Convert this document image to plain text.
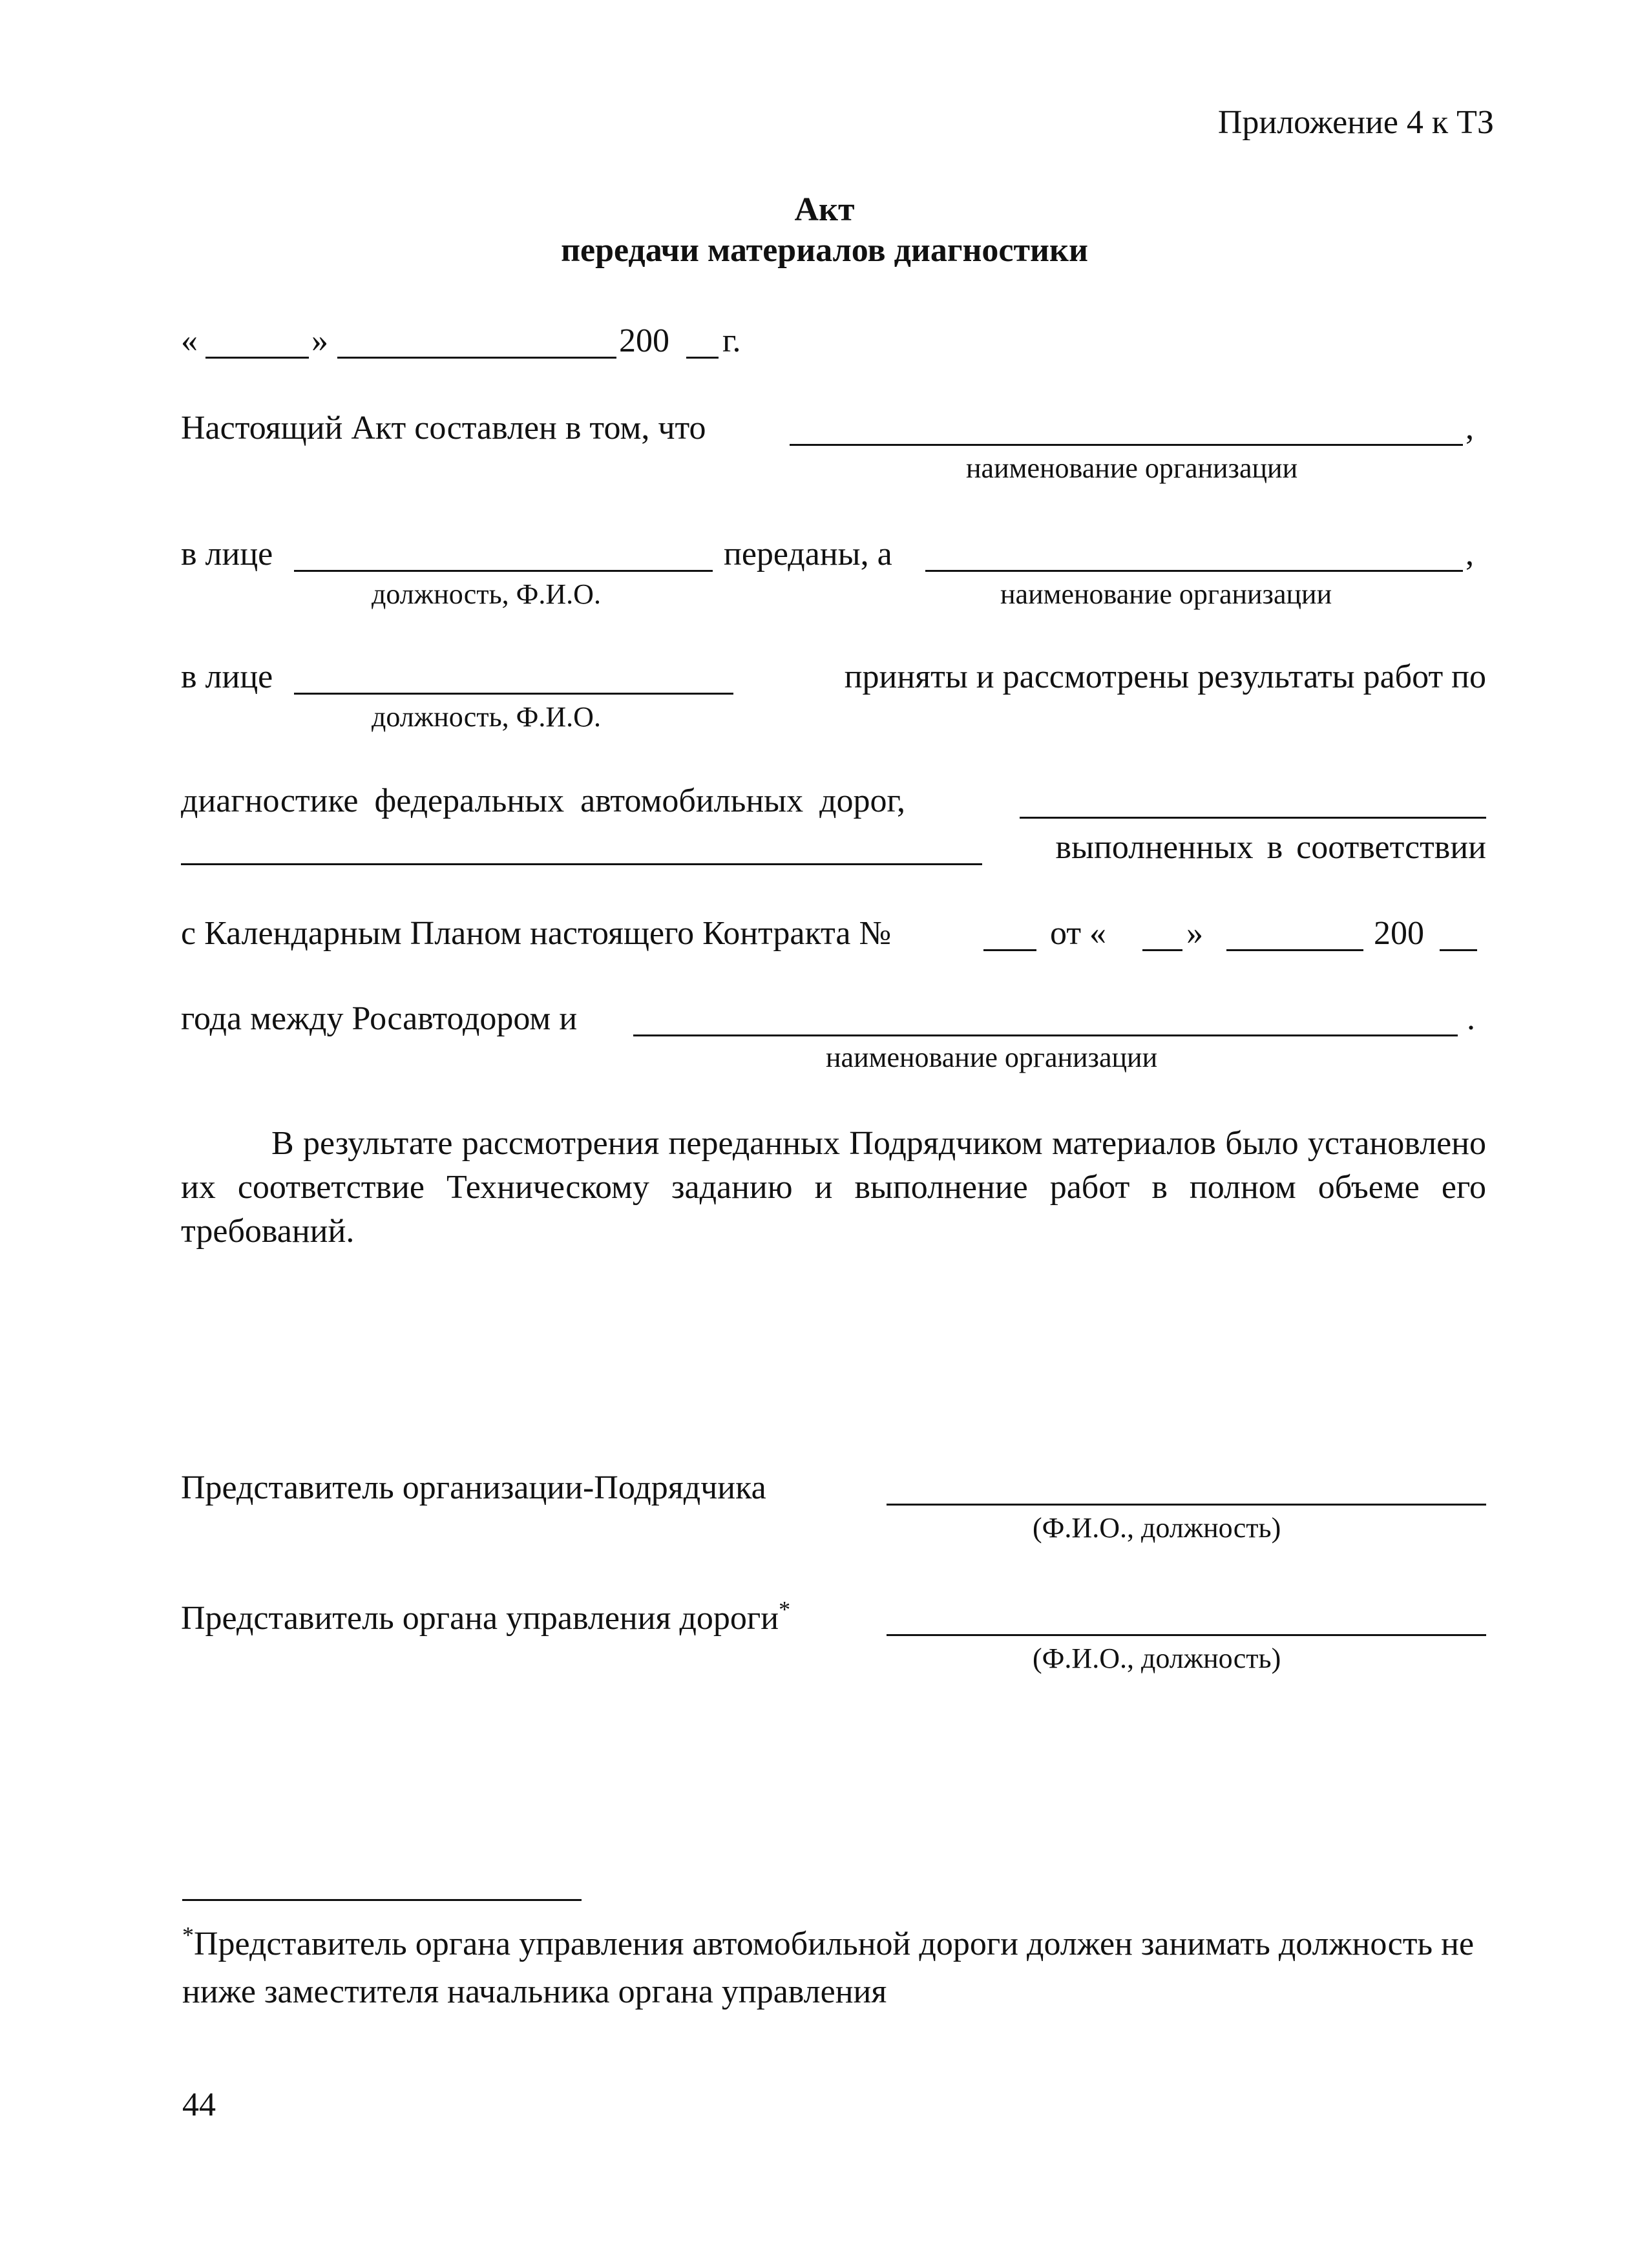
Приложение 4 к ТЗ
Акт
передачи материалов диагностики
«	»	200 г.
Настоящий Акт составлен в том, что	,
наименование организации
в лице	переданы, а	,
должность, Ф.И.О.	наименование организации
в лице	приняты и рассмотрены результаты работ по
должность, Ф.И.О.
диагностике федеральных автомобильных дорог,
выполненных в соответствии
с Календарным Планом настоящего Контракта №	от « »	200
года между Росавтодором и	.
наименование организации
В результате рассмотрения переданных Подрядчиком материалов было установлено их соответствие Техническому заданию и выполнение работ в полном объеме его требований.
Представитель организации-Подрядчика
(Ф.И.О., должность)
Представитель органа управления дороги*
(Ф.И.О., должность)
*Представитель органа управления автомобильной дороги должен занимать должность не ниже заместителя начальника органа управления
44
